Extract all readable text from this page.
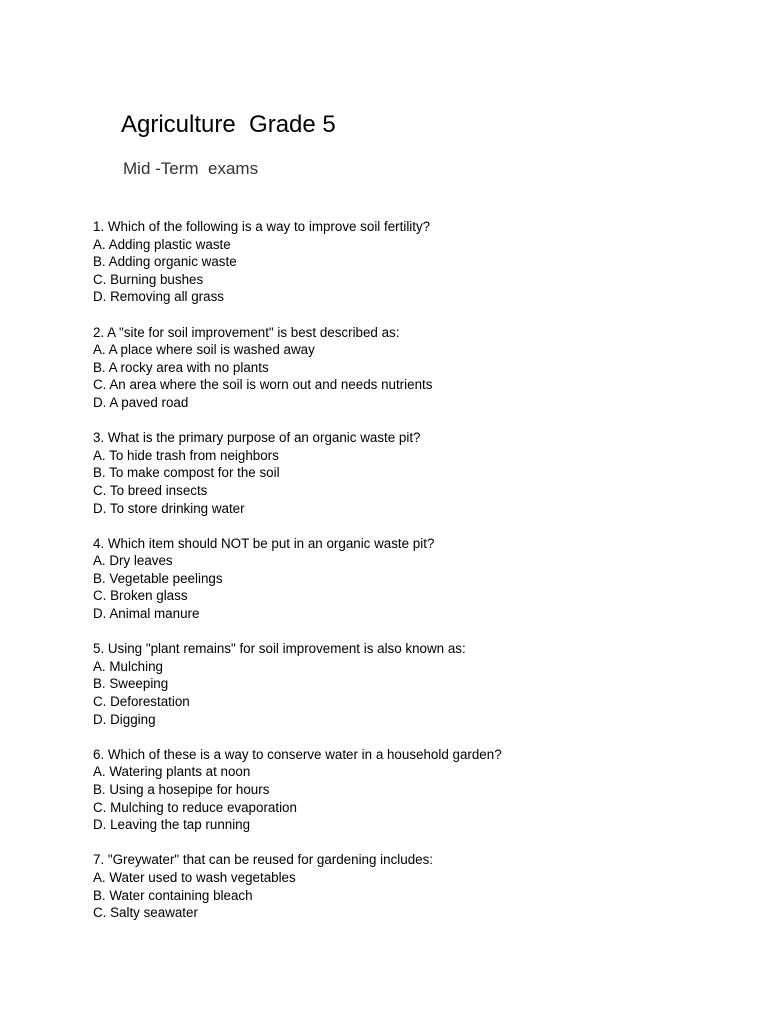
Agriculture  Grade 5
Mid -Term  exams
1. Which of the following is a way to improve soil fertility?
A. Adding plastic waste
B. Adding organic waste
C. Burning bushes
D. Removing all grass
2. A "site for soil improvement" is best described as:
A. A place where soil is washed away
B. A rocky area with no plants
C. An area where the soil is worn out and needs nutrients
D. A paved road
3. What is the primary purpose of an organic waste pit?
A. To hide trash from neighbors
B. To make compost for the soil
C. To breed insects
D. To store drinking water
4. Which item should NOT be put in an organic waste pit?
A. Dry leaves
B. Vegetable peelings
C. Broken glass
D. Animal manure
5. Using "plant remains" for soil improvement is also known as:
A. Mulching
B. Sweeping
C. Deforestation
D. Digging
6. Which of these is a way to conserve water in a household garden?
A. Watering plants at noon
B. Using a hosepipe for hours
C. Mulching to reduce evaporation
D. Leaving the tap running
7. "Greywater" that can be reused for gardening includes:
A. Water used to wash vegetables
B. Water containing bleach
C. Salty seawater
